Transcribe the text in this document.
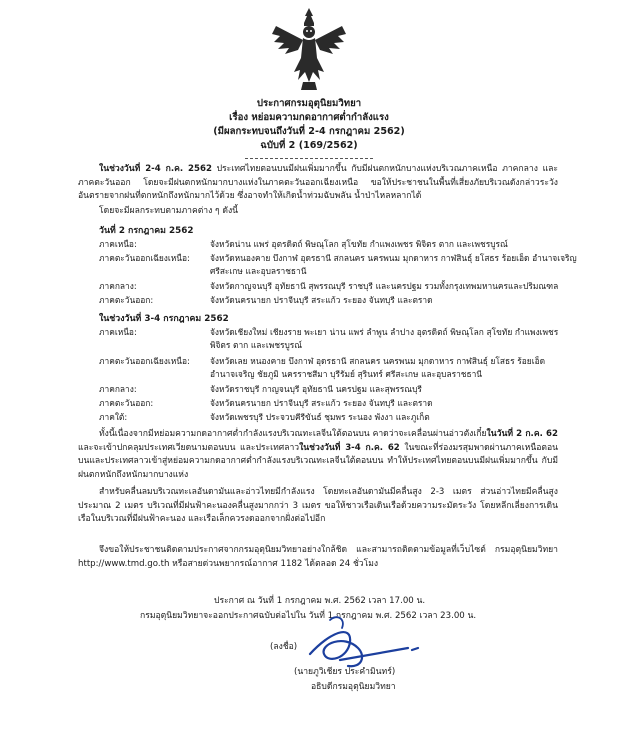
ประกาศกรมอุตุนิยมวิทยา
เรื่อง หย่อมความกดอากาศต่ำกำลังแรง
(มีผลกระทบจนถึงวันที่ 2-4 กรกฎาคม 2562)
ฉบับที่ 2 (169/2562)

ในช่วงวันที่ 2-4 ก.ค. 2562 ประเทศไทยตอนบนมีฝนเพิ่มมากขึ้น กับมีฝนตกหนักบางแห่งบริเวณภาคเหนือ ภาคกลาง และภาคตะวันออก โดยจะมีฝนตกหนักมากบางแห่งในภาคตะวันออกเฉียงเหนือ ขอให้ประชาชนในพื้นที่เสี่ยงภัยบริเวณดังกล่าวระวังอันตรายจากฝนที่ตกหนักถึงหนักมากไว้ด้วย ซึ่งอาจทำให้เกิดน้ำท่วมฉับพลัน น้ำป่าไหลหลากได้

โดยจะมีผลกระทบตามภาคต่าง ๆ ดังนี้

วันที่ 2 กรกฎาคม 2562
ภาคเหนือ:	จังหวัดน่าน แพร่ อุตรดิตถ์ พิษณุโลก สุโขทัย กำแพงเพชร พิจิตร ตาก และเพชรบูรณ์
ภาคตะวันออกเฉียงเหนือ:	จังหวัดหนองคาย บึงกาฬ อุดรธานี สกลนคร นครพนม มุกดาหาร กาฬสินธุ์ ยโสธร ร้อยเอ็ด อำนาจเจริญ ศรีสะเกษ และอุบลราชธานี
ภาคกลาง:	จังหวัดกาญจนบุรี อุทัยธานี สุพรรณบุรี ราชบุรี และนครปฐม รวมทั้งกรุงเทพมหานครและปริมณฑล
ภาคตะวันออก:	จังหวัดนครนายก ปราจีนบุรี สระแก้ว ระยอง จันทบุรี และตราด
ในช่วงวันที่ 3-4 กรกฎาคม 2562
ภาคเหนือ:	จังหวัดเชียงใหม่ เชียงราย พะเยา น่าน แพร่ ลำพูน ลำปาง อุตรดิตถ์ พิษณุโลก สุโขทัย กำแพงเพชร พิจิตร ตาก และเพชรบูรณ์
ภาคตะวันออกเฉียงเหนือ:	จังหวัดเลย หนองคาย บึงกาฬ อุดรธานี สกลนคร นครพนม มุกดาหาร กาฬสินธุ์ ยโสธร ร้อยเอ็ด อำนาจเจริญ ชัยภูมิ นครราชสีมา บุรีรัมย์ สุรินทร์ ศรีสะเกษ และอุบลราชธานี
ภาคกลาง:	จังหวัดราชบุรี กาญจนบุรี อุทัยธานี นครปฐม และสุพรรณบุรี
ภาคตะวันออก:	จังหวัดนครนายก ปราจีนบุรี สระแก้ว ระยอง จันทบุรี และตราด
ภาคใต้:	จังหวัดเพชรบุรี ประจวบคีรีขันธ์ ชุมพร ระนอง พังงา และภูเก็ต

ทั้งนี้เนื่องจากมีหย่อมความกดอากาศต่ำกำลังแรงบริเวณทะเลจีนใต้ตอนบน คาดว่าจะเคลื่อนผ่านอ่าวตังเกี๋ยในวันที่ 2 ก.ค. 62 และจะเข้าปกคลุมประเทศเวียดนามตอนบน และประเทศลาวในช่วงวันที่ 3-4 ก.ค. 62 ในขณะที่ร่องมรสุมพาดผ่านภาคเหนือตอนบนและประเทศลาวเข้าสู่หย่อมความกดอากาศต่ำกำลังแรงบริเวณทะเลจีนใต้ตอนบน ทำให้ประเทศไทยตอนบนมีฝนเพิ่มมากขึ้น กับมีฝนตกหนักถึงหนักมากบางแห่ง

สำหรับคลื่นลมบริเวณทะเลอันดามันและอ่าวไทยมีกำลังแรง โดยทะเลอันดามันมีคลื่นสูง 2-3 เมตร ส่วนอ่าวไทยมีคลื่นสูงประมาณ 2 เมตร บริเวณที่มีฝนฟ้าคะนองคลื่นสูงมากกว่า 3 เมตร ขอให้ชาวเรือเดินเรือด้วยความระมัดระวัง โดยหลีกเลี่ยงการเดินเรือในบริเวณที่มีฝนฟ้าคะนอง และเรือเล็กควรงดออกจากฝั่งต่อไปอีก

จึงขอให้ประชาชนติดตามประกาศจากกรมอุตุนิยมวิทยาอย่างใกล้ชิด และสามารถติดตามข้อมูลที่เว็บไซต์ กรมอุตุนิยมวิทยา http://www.tmd.go.th หรือสายด่วนพยากรณ์อากาศ 1182 ได้ตลอด 24 ชั่วโมง

ประกาศ ณ วันที่ 1 กรกฎาคม พ.ศ. 2562 เวลา 17.00 น.
กรมอุตุนิยมวิทยาจะออกประกาศฉบับต่อไปใน วันที่ 1 กรกฎาคม พ.ศ. 2562 เวลา 23.00 น.
(ลงชื่อ)
(นายภูวิเชียร ประคำมินทร์)
อธิบดีกรมอุตุนิยมวิทยา
